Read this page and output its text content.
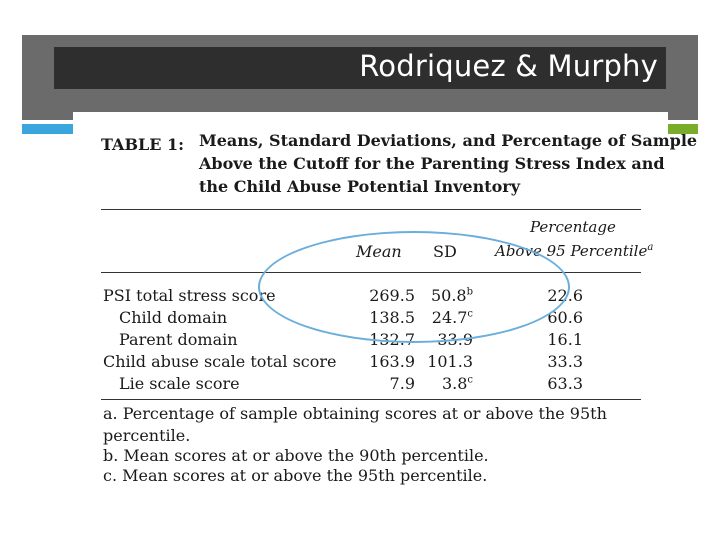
Rodriquez & Murphy
TABLE 1: Means, Standard Deviations, and Percentage of Sample
Above the Cutoff for the Parenting Stress Index and
the Child Abuse Potential Inventory
Percentage
Mean SD	Above 95 Percentile$^a$
PSI total stress score	269.5 50.8$^b$	22.6
Child domain	138.5	24.7$^c$	60.6
Parent domain	132.7	33.9	16.1
Child abuse scale total score	163.9 101.3	33.3
Lie scale score	7.9	3.8$^c$	63.3
a. Percentage of sample obtaining scores at or above the 95th
percentile.
b. Mean scores at or above the 90th percentile.
c. Mean scores at or above the 95th percentile.
